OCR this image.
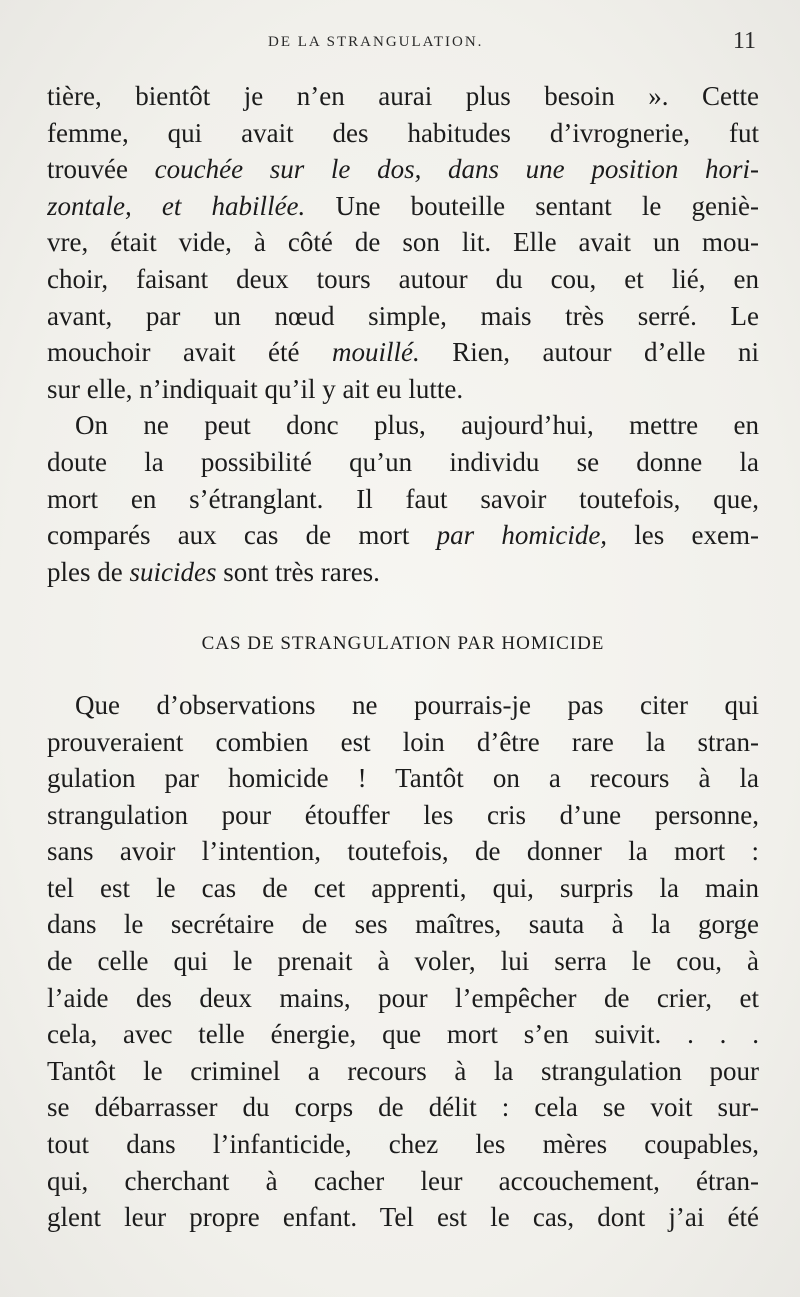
DE LA STRANGULATION.	11
tière, bientôt je n’en aurai plus besoin ». Cette
femme, qui avait des habitudes d’ivrognerie, fut
trouvée couchée sur le dos, dans une position hori-
zontale, et habillée. Une bouteille sentant le geniè-
vre, était vide, à côté de son lit. Elle avait un mou-
choir, faisant deux tours autour du cou, et lié, en
avant, par un nœud simple, mais très serré. Le
mouchoir avait été mouillé. Rien, autour d’elle ni
sur elle, n’indiquait qu’il y ait eu lutte.
On ne peut donc plus, aujourd’hui, mettre en
doute la possibilité qu’un individu se donne la
mort en s’étranglant. Il faut savoir toutefois, que,
comparés aux cas de mort par homicide, les exem-
ples de suicides sont très rares.
CAS DE STRANGULATION PAR HOMICIDE
Que d’observations ne pourrais-je pas citer qui
prouveraient combien est loin d’être rare la stran-
gulation par homicide ! Tantôt on a recours à la
strangulation pour étouffer les cris d’une personne,
sans avoir l’intention, toutefois, de donner la mort :
tel est le cas de cet apprenti, qui, surpris la main
dans le secrétaire de ses maîtres, sauta à la gorge
de celle qui le prenait à voler, lui serra le cou, à
l’aide des deux mains, pour l’empêcher de crier, et
cela, avec telle énergie, que mort s’en suivit. . . .
Tantôt le criminel a recours à la strangulation pour
se débarrasser du corps de délit : cela se voit sur-
tout dans l’infanticide, chez les mères coupables,
qui, cherchant à cacher leur accouchement, étran-
glent leur propre enfant. Tel est le cas, dont j’ai été
